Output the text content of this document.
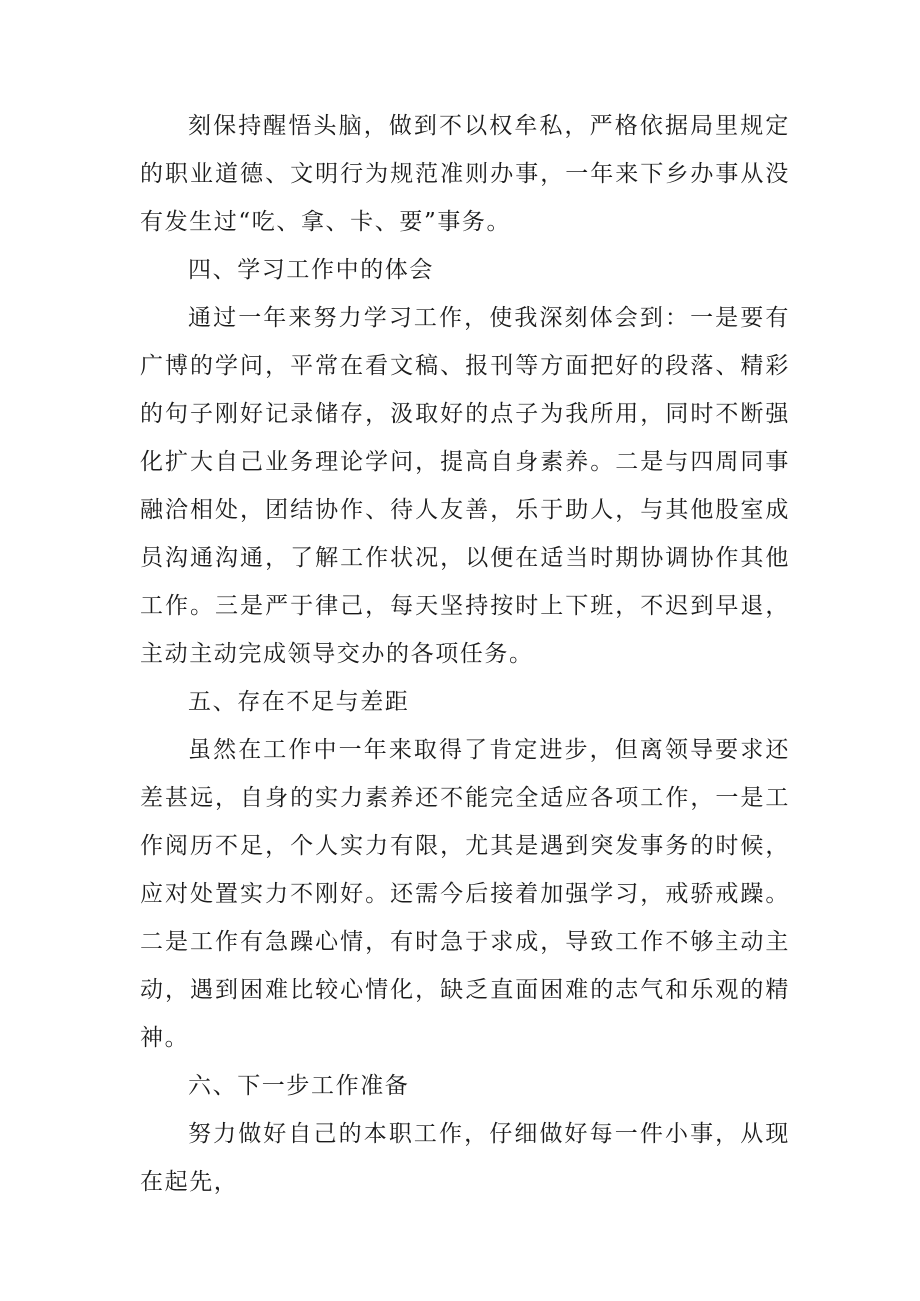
刻保持醒悟头脑，做到不以权牟私，严格依据局里规定的职业道德、文明行为规范准则办事，一年来下乡办事从没有发生过“吃、拿、卡、要”事务。

四、学习工作中的体会

通过一年来努力学习工作，使我深刻体会到：一是要有广博的学问，平常在看文稿、报刊等方面把好的段落、精彩的句子刚好记录储存，汲取好的点子为我所用，同时不断强化扩大自己业务理论学问，提高自身素养。二是与四周同事融洽相处，团结协作、待人友善，乐于助人，与其他股室成员沟通沟通，了解工作状况，以便在适当时期协调协作其他工作。三是严于律己，每天坚持按时上下班，不迟到早退，主动主动完成领导交办的各项任务。

五、存在不足与差距

虽然在工作中一年来取得了肯定进步，但离领导要求还差甚远，自身的实力素养还不能完全适应各项工作，一是工作阅历不足，个人实力有限，尤其是遇到突发事务的时候，应对处置实力不刚好。还需今后接着加强学习，戒骄戒躁。二是工作有急躁心情，有时急于求成，导致工作不够主动主动，遇到困难比较心情化，缺乏直面困难的志气和乐观的精神。

六、下一步工作准备

努力做好自己的本职工作，仔细做好每一件小事，从现在起先，
